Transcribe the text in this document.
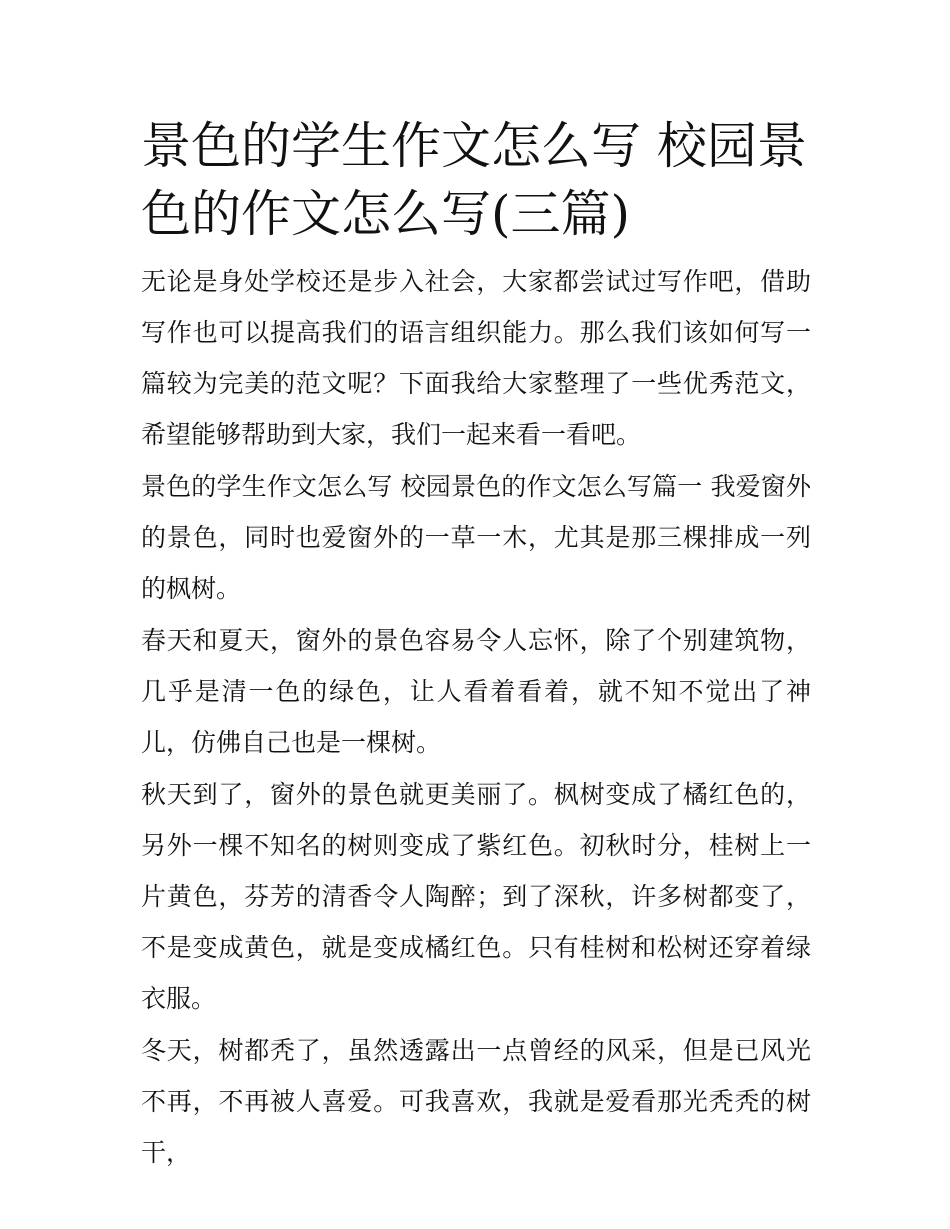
景色的学生作文怎么写 校园景色的作文怎么写(三篇)

无论是身处学校还是步入社会，大家都尝试过写作吧，借助写作也可以提高我们的语言组织能力。那么我们该如何写一篇较为完美的范文呢？下面我给大家整理了一些优秀范文，希望能够帮助到大家，我们一起来看一看吧。

景色的学生作文怎么写 校园景色的作文怎么写篇一 我爱窗外的景色，同时也爱窗外的一草一木，尤其是那三棵排成一列的枫树。

春天和夏天，窗外的景色容易令人忘怀，除了个别建筑物，几乎是清一色的绿色，让人看着看着，就不知不觉出了神儿，仿佛自己也是一棵树。

秋天到了，窗外的景色就更美丽了。枫树变成了橘红色的，另外一棵不知名的树则变成了紫红色。初秋时分，桂树上一片黄色，芬芳的清香令人陶醉；到了深秋，许多树都变了，不是变成黄色，就是变成橘红色。只有桂树和松树还穿着绿衣服。

冬天，树都秃了，虽然透露出一点曾经的风采，但是已风光不再，不再被人喜爱。可我喜欢，我就是爱看那光秃秃的树干，
